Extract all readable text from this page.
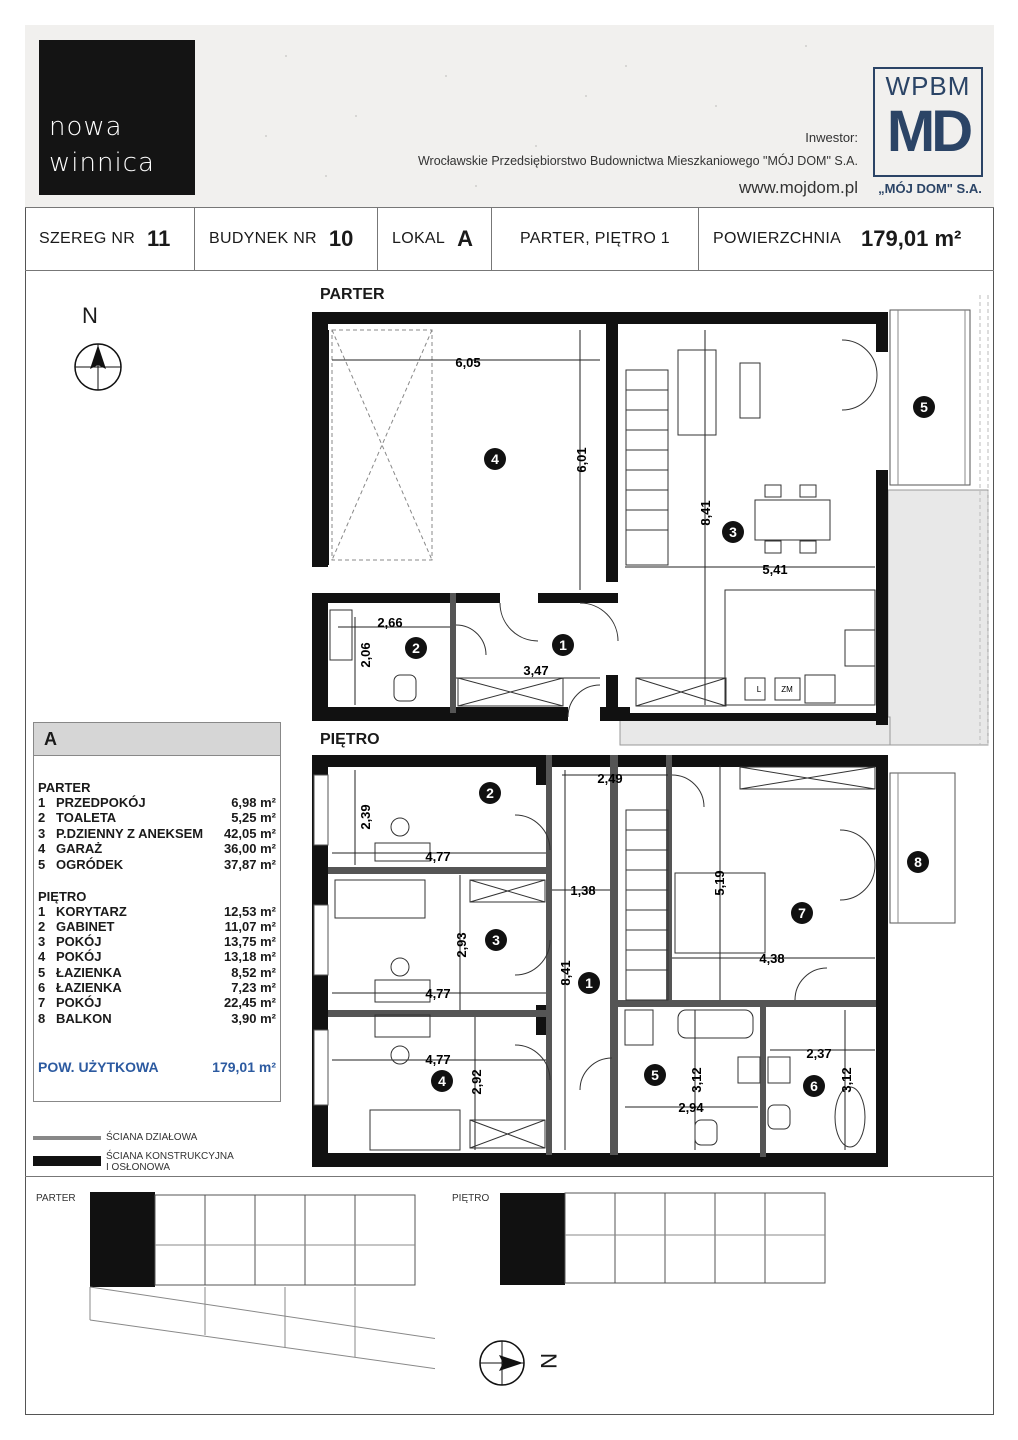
nowa
winnica
Inwestor:
Wrocławskie Przedsiębiorstwo Budownictwa Mieszkaniowego "MÓJ DOM" S.A.
www.mojdom.pl
WPBM
MD
„MÓJ DOM" S.A.
SZEREG NR 11 BUDYNEK NR 10 LOKAL A	PARTER, PIĘTRO 1	POWIERZCHNIA 179,01 m²
N
PARTER
PIĘTRO
6,05
6,01
8,41
5,41
2,66
2,06
3,47
L ZM
4
3
2	1
5
2,49
2,39
4,77
1,38	5,19
2,93
4,77
4,38
8,41
4,77
2,92
2,37
3,12
2,94
3,12
2
3
1
4
7
5
6
8
A
PARTER
1 PRZEDPOKÓJ	6,98 m²
2 TOALETA	5,25 m²
3 P.DZIENNY Z ANEKSEM 42,05 m²
4 GARAŻ	36,00 m²
5 OGRÓDEK	37,87 m²
PIĘTRO
1 KORYTARZ	12,53 m²
2 GABINET	11,07 m²
3 POKÓJ	13,75 m²
4 POKÓJ	13,18 m²
5 ŁAZIENKA	8,52 m²
6 ŁAZIENKA	7,23 m²
7 POKÓJ	22,45 m²
8 BALKON	3,90 m²
POW. UŻYTKOWA	179,01 m²
ŚCIANA DZIAŁOWA
ŚCIANA KONSTRUKCYJNA
I OSŁONOWA
PARTER	PIĘTRO
N
